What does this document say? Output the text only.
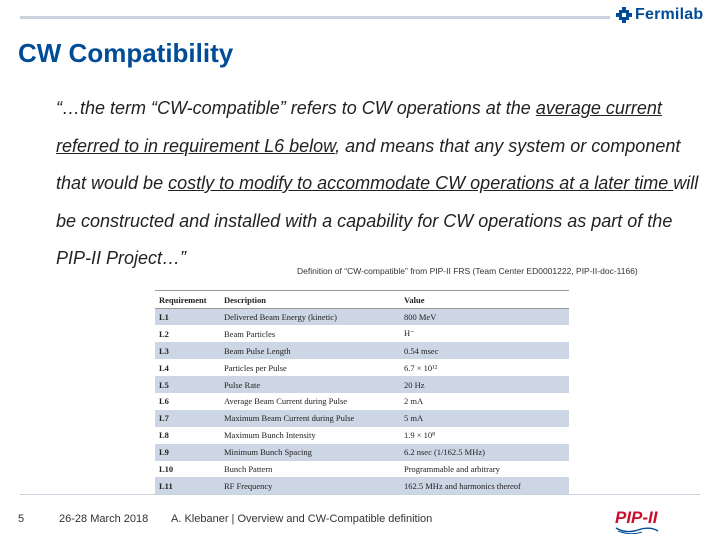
Fermilab
CW Compatibility
“…the term “CW-compatible” refers to CW operations at the average current referred to in requirement L6 below, and means that any system or component that would be costly to modify to accommodate CW operations at a later time will be constructed and installed with a capability for CW operations as part of the PIP-II Project…”
Definition of “CW-compatible” from PIP-II FRS (Team Center ED0001222, PIP-II-doc-1166)
Requirement	Description	Value
L1	Delivered Beam Energy (kinetic)	800 MeV
L2	Beam Particles	H⁻
L3	Beam Pulse Length	0.54 msec
L4	Particles per Pulse	6.7 × 10¹²
L5	Pulse Rate	20 Hz
L6	Average Beam Current during Pulse	2 mA
L7	Maximum Beam Current during Pulse	5 mA
L8	Maximum Bunch Intensity	1.9 × 10⁸
L9	Minimum Bunch Spacing	6.2 nsec (1/162.5 MHz)
L10	Bunch Pattern	Programmable and arbitrary
L11	RF Frequency	162.5 MHz and harmonics thereof
5	26-28 March 2018 A. Klebaner | Overview and CW-Compatible definition	PIP-II
